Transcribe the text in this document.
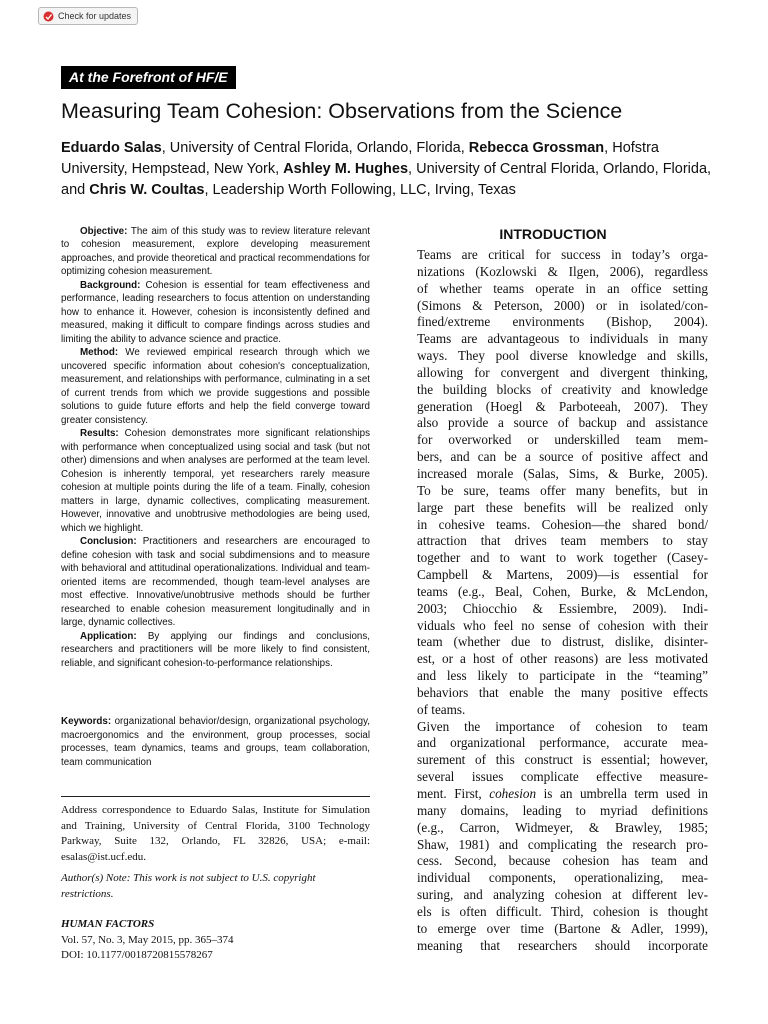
Check for updates
At the Forefront of HF/E
Measuring Team Cohesion: Observations from the Science
Eduardo Salas, University of Central Florida, Orlando, Florida, Rebecca Grossman, Hofstra University, Hempstead, New York, Ashley M. Hughes, University of Central Florida, Orlando, Florida, and Chris W. Coultas, Leadership Worth Following, LLC, Irving, Texas

Objective: The aim of this study was to review literature relevant to cohesion measurement, explore developing measurement approaches, and provide theoretical and practical recommendations for optimizing cohesion measurement.

Background: Cohesion is essential for team effectiveness and performance, leading researchers to focus attention on understanding how to enhance it. However, cohesion is inconsistently defined and measured, making it difficult to compare findings across studies and limiting the ability to advance science and practice.

Method: We reviewed empirical research through which we uncovered specific information about cohesion's conceptualization, measurement, and relationships with performance, culminating in a set of current trends from which we provide suggestions and possible solutions to guide future efforts and help the field converge toward greater consistency.

Results: Cohesion demonstrates more significant relationships with performance when conceptualized using social and task (but not other) dimensions and when analyses are performed at the team level. Cohesion is inherently temporal, yet researchers rarely measure cohesion at multiple points during the life of a team. Finally, cohesion matters in large, dynamic collectives, complicating measurement. However, innovative and unobtrusive methodologies are being used, which we highlight.

Conclusion: Practitioners and researchers are encouraged to define cohesion with task and social subdimensions and to measure with behavioral and attitudinal operationalizations. Individual and team-oriented items are recommended, though team-level analyses are most effective. Innovative/unobtrusive methods should be further researched to enable cohesion measurement longitudinally and in large, dynamic collectives.

Application: By applying our findings and conclusions, researchers and practitioners will be more likely to find consistent, reliable, and significant cohesion-to-performance relationships.

Keywords: organizational behavior/design, organizational psychology, macroergonomics and the environment, group processes, social processes, team dynamics, teams and groups, team collaboration, team communication
Address correspondence to Eduardo Salas, Institute for Simulation and Training, University of Central Florida, 3100 Technology Parkway, Suite 132, Orlando, FL 32826, USA; e-mail: esalas@ist.ucf.edu.
Author(s) Note: This work is not subject to U.S. copyright restrictions.
HUMAN FACTORS
Vol. 57, No. 3, May 2015, pp. 365–374
DOI: 10.1177/0018720815578267
INTRODUCTION

Teams are critical for success in today’s orga-
nizations (Kozlowski & Ilgen, 2006), regardless
of whether teams operate in an office setting
(Simons & Peterson, 2000) or in isolated/con-
fined/extreme environments (Bishop, 2004).
Teams are advantageous to individuals in many
ways. They pool diverse knowledge and skills,
allowing for convergent and divergent thinking,
the building blocks of creativity and knowledge
generation (Hoegl & Parboteeah, 2007). They
also provide a source of backup and assistance
for overworked or underskilled team mem-
bers, and can be a source of positive affect and
increased morale (Salas, Sims, & Burke, 2005).
To be sure, teams offer many benefits, but in
large part these benefits will be realized only
in cohesive teams. Cohesion—the shared bond/
attraction that drives team members to stay
together and to want to work together (Casey-
Campbell & Martens, 2009)—is essential for
teams (e.g., Beal, Cohen, Burke, & McLendon,
2003; Chiocchio & Essiembre, 2009). Indi-
viduals who feel no sense of cohesion with their
team (whether due to distrust, dislike, disinter-
est, or a host of other reasons) are less motivated
and less likely to participate in the “teaming”
behaviors that enable the many positive effects
of teams.

Given the importance of cohesion to team
and organizational performance, accurate mea-
surement of this construct is essential; however,
several issues complicate effective measure-
ment. First, cohesion is an umbrella term used in
many domains, leading to myriad definitions
(e.g., Carron, Widmeyer, & Brawley, 1985;
Shaw, 1981) and complicating the research pro-
cess. Second, because cohesion has team and
individual components, operationalizing, mea-
suring, and analyzing cohesion at different lev-
els is often difficult. Third, cohesion is thought
to emerge over time (Bartone & Adler, 1999),
meaning that researchers should incorporate
